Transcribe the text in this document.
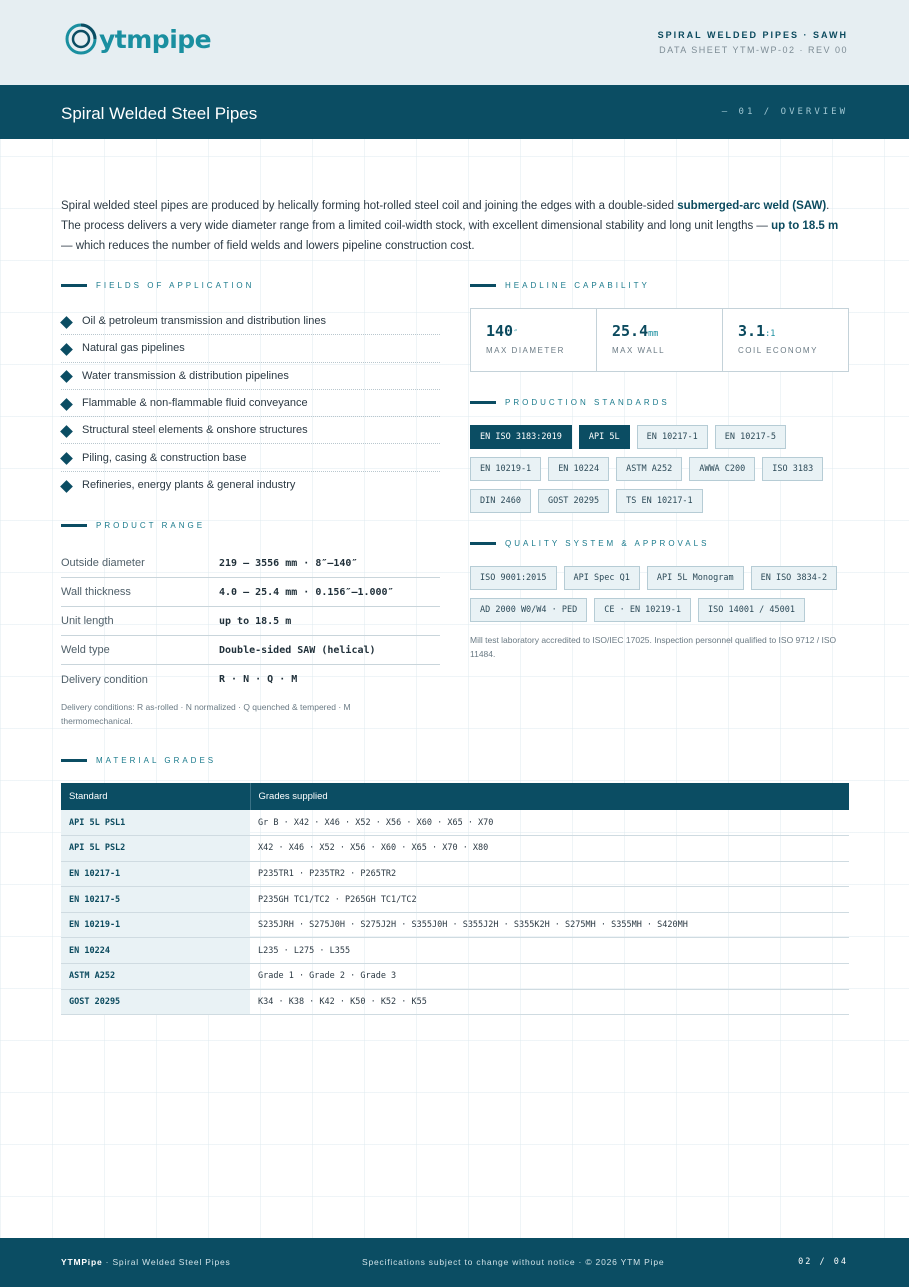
ytmpipe	SPIRAL WELDED PIPES · SAWH
DATA SHEET YTM-WP-02 · REV 00
Spiral Welded Steel Pipes	— 01 / OVERVIEW

Spiral welded steel pipes are produced by helically forming hot-rolled steel coil and joining the edges with a double-sided submerged-arc weld (SAW). The process delivers a very wide diameter range from a limited coil-width stock, with excellent dimensional stability and long unit lengths — up to 18.5 m — which reduces the number of field welds and lowers pipeline construction cost.

FIELDS OF APPLICATION
Oil & petroleum transmission and distribution lines
Natural gas pipelines
Water transmission & distribution pipelines
Flammable & non-flammable fluid conveyance
Structural steel elements & onshore structures
Piling, casing & construction base
Refineries, energy plants & general industry
PRODUCT RANGE
Outside diameter	219 – 3556 mm · 8″–140″
Wall thickness	4.0 – 25.4 mm · 0.156″–1.000″
Unit length	up to 18.5 m
Weld type	Double-sided SAW (helical)
Delivery condition	R · N · Q · M

Delivery conditions: R as-rolled · N normalized · Q quenched & tempered · M thermomechanical.

HEADLINE CAPABILITY
140″
MAX DIAMETER
25.4mm
MAX WALL
3.1:1
COIL ECONOMY
PRODUCTION STANDARDS
EN ISO 3183:2019	API 5L	EN 10217-1	EN 10217-5
EN 10219-1	EN 10224	ASTM A252	AWWA C200	ISO 3183
DIN 2460	GOST 20295	TS EN 10217-1
QUALITY SYSTEM & APPROVALS
ISO 9001:2015	API Spec Q1	API 5L Monogram	EN ISO 3834-2
AD 2000 W0/W4 · PED	CE · EN 10219-1	ISO 14001 / 45001

Mill test laboratory accredited to ISO/IEC 17025. Inspection personnel qualified to ISO 9712 / ISO 11484.

MATERIAL GRADES
Standard	Grades supplied
API 5L PSL1	Gr B · X42 · X46 · X52 · X56 · X60 · X65 · X70
API 5L PSL2	X42 · X46 · X52 · X56 · X60 · X65 · X70 · X80
EN 10217-1	P235TR1 · P235TR2 · P265TR2
EN 10217-5	P235GH TC1/TC2 · P265GH TC1/TC2
EN 10219-1	S235JRH · S275J0H · S275J2H · S355J0H · S355J2H · S355K2H · S275MH · S355MH · S420MH
EN 10224	L235 · L275 · L355
ASTM A252	Grade 1 · Grade 2 · Grade 3
GOST 20295	K34 · K38 · K42 · K50 · K52 · K55
YTMPipe · Spiral Welded Steel Pipes	Specifications subject to change without notice · © 2026 YTM Pipe	02 / 04
